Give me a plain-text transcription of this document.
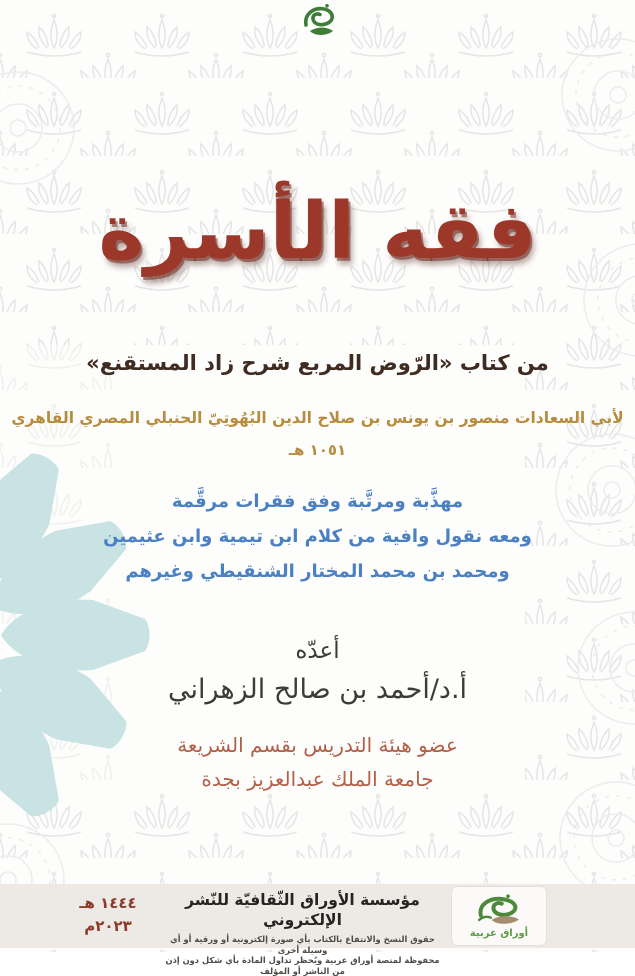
فقه الأسرة
من كتاب «الرّوض المربع شرح زاد المستقنع»
لأبي السعادات منصور بن يونس بن صلاح الدين البُهُوتِيّ الحنبلي المصري القاهري
١٠٥١ هـ
مهذَّبة ومرتَّبة وفق فقرات مرقَّمة
ومعه نقول وافية من كلام ابن تيمية وابن عثيمين
ومحمد بن محمد المختار الشنقيطي وغيرهم
أعدّه
أ.د/أحمد بن صالح الزهراني
عضو هيئة التدريس بقسم الشريعة
جامعة الملك عبدالعزيز بجدة
١٤٤٤ هـ
٢٠٢٣م
مؤسسة الأوراق الثّقافيّة للنّشر الإلكتروني
حقوق النسخ والانتفاع بالكتاب بأي صورة إلكترونية أو ورقية أو أي وسيلة أخرى
محفوظة لمنصة أوراق عربية ويُحظر تداول المادة بأي شكل دون إذن من الناشر أو المؤلف
أوراق عربية
